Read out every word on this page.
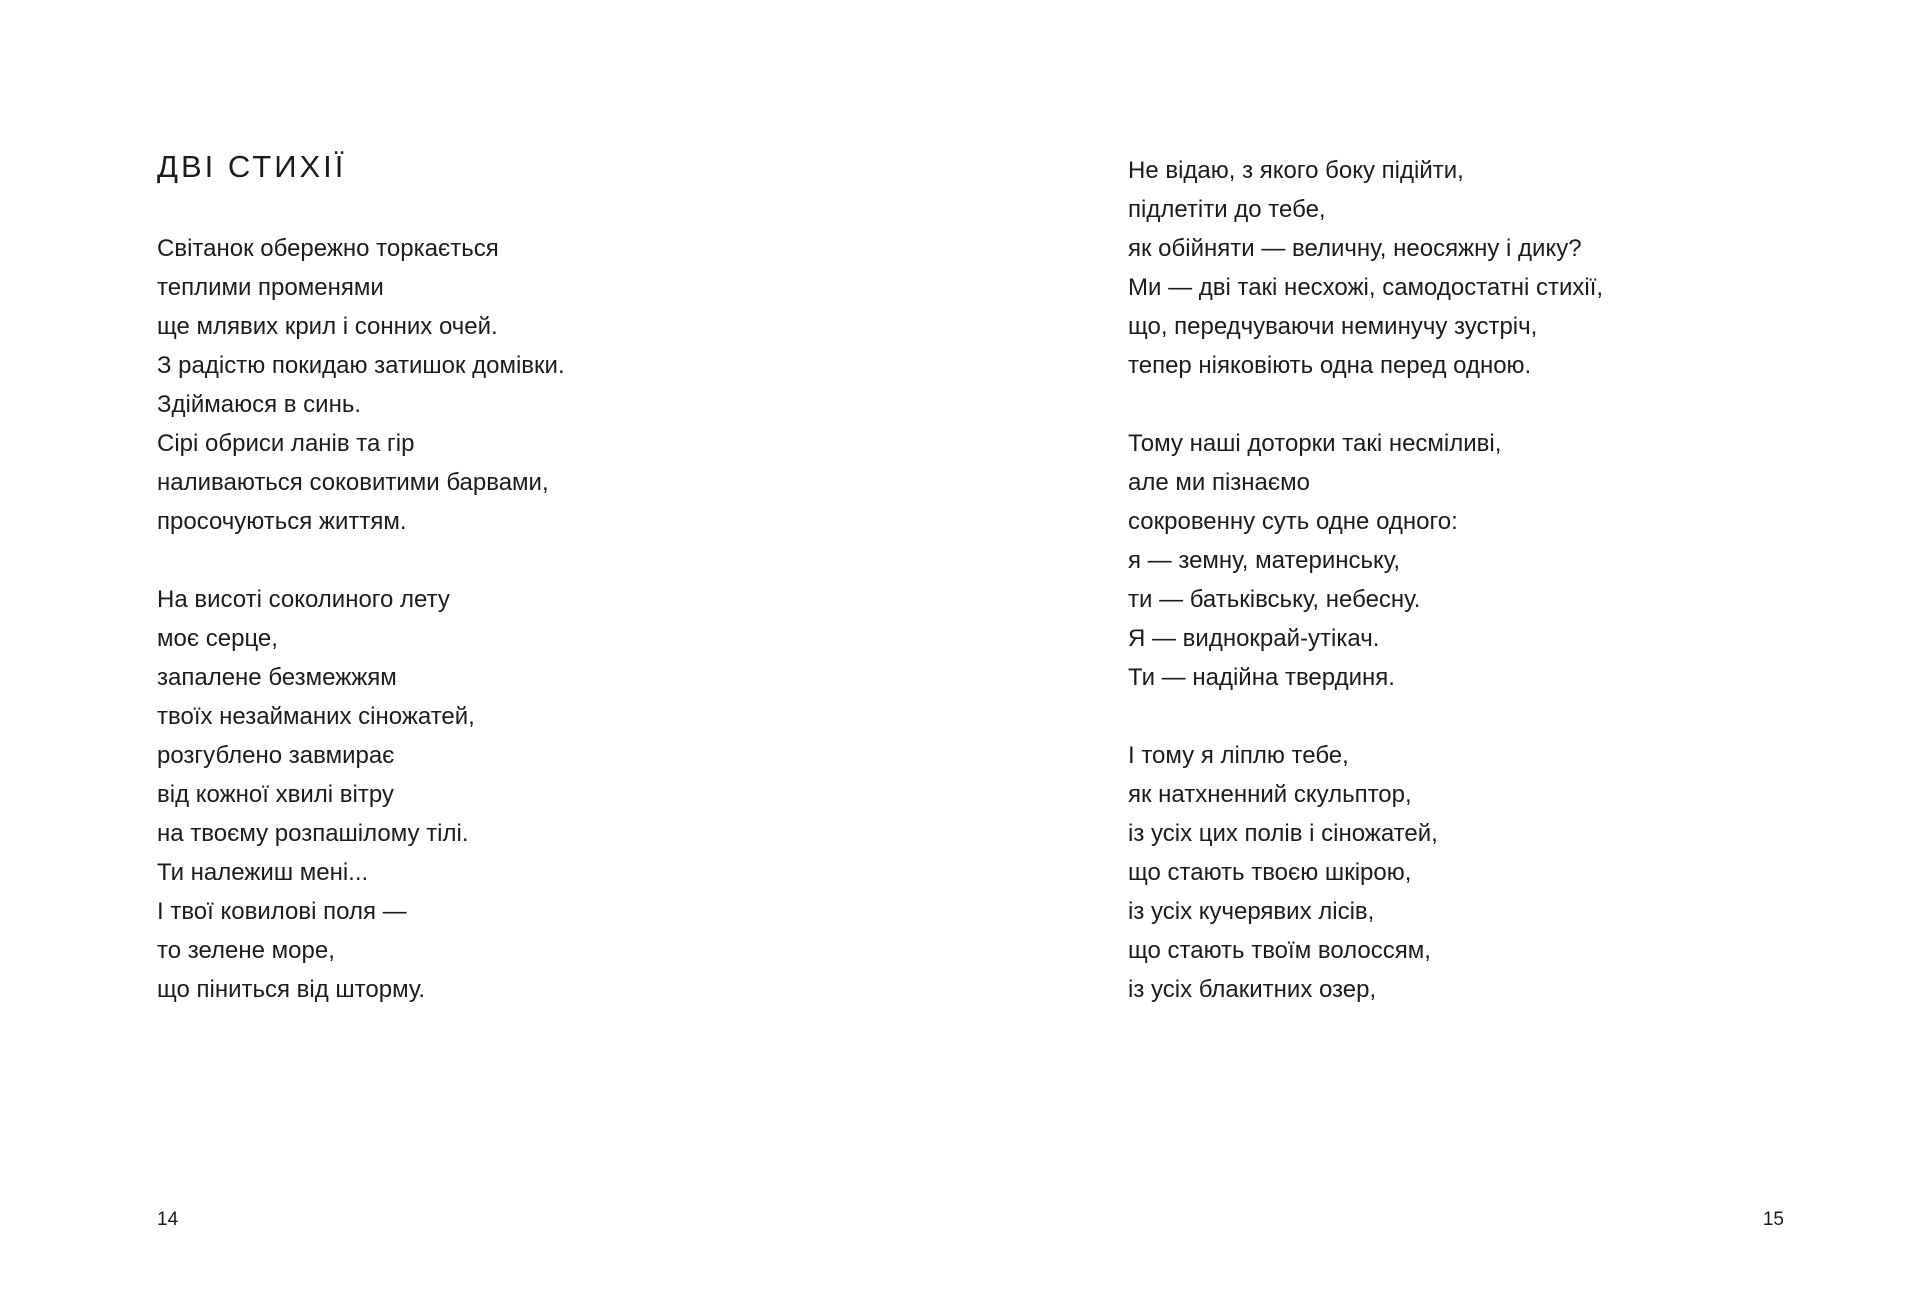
ДВІ СТИХІЇ
Світанок обережно торкається
теплими променями
ще млявих крил і сонних очей.
З радістю покидаю затишок домівки.
Здіймаюся в синь.
Сірі обриси ланів та гір
наливаються соковитими барвами,
просочуються життям.
На висоті соколиного лету
моє серце,
запалене безмежжям
твоїх незайманих сіножатей,
розгублено завмирає
від кожної хвилі вітру
на твоєму розпашілому тілі.
Ти належиш мені...
І твої ковилові поля —
то зелене море,
що піниться від шторму.
14
Не відаю, з якого боку підійти,
підлетіти до тебе,
як обійняти — величну, неосяжну і дику?
Ми — дві такі несхожі, самодостатні стихії,
що, передчуваючи неминучу зустріч,
тепер ніяковіють одна перед одною.
Тому наші доторки такі несміливі,
але ми пізнаємо
сокровенну суть одне одного:
я — земну, материнську,
ти — батьківську, небесну.
Я — виднокрай-утікач.
Ти — надійна твердиня.
І тому я ліплю тебе,
як натхненний скульптор,
із усіх цих полів і сіножатей,
що стають твоєю шкірою,
із усіх кучерявих лісів,
що стають твоїм волоссям,
із усіх блакитних озер,
15
